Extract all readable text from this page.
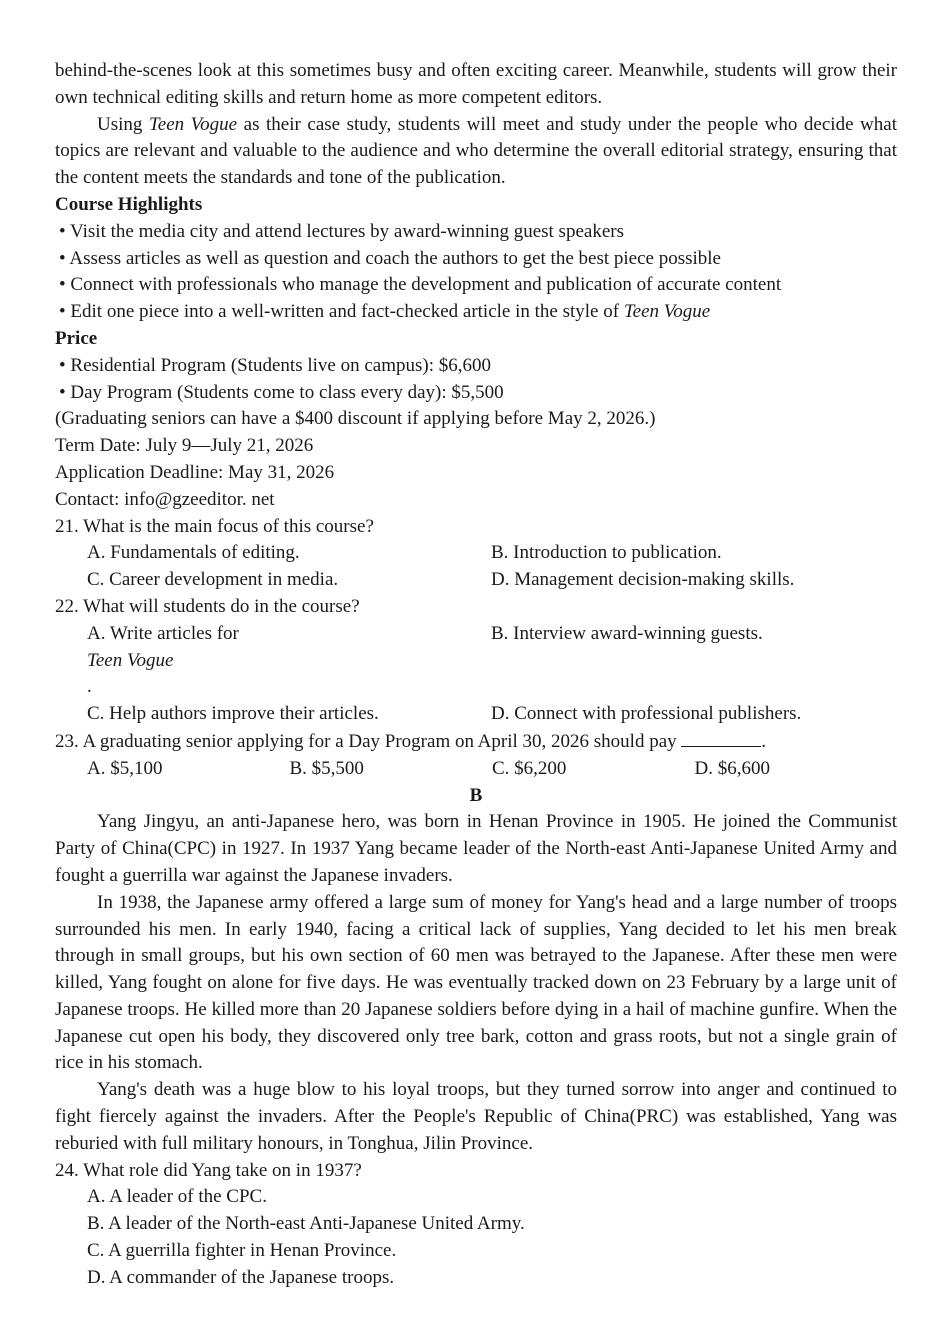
behind-the-scenes look at this sometimes busy and often exciting career. Meanwhile, students will grow their own technical editing skills and return home as more competent editors.

Using Teen Vogue as their case study, students will meet and study under the people who decide what topics are relevant and valuable to the audience and who determine the overall editorial strategy, ensuring that the content meets the standards and tone of the publication.

Course Highlights

• Visit the media city and attend lectures by award-winning guest speakers

• Assess articles as well as question and coach the authors to get the best piece possible

• Connect with professionals who manage the development and publication of accurate content

• Edit one piece into a well-written and fact-checked article in the style of Teen Vogue

Price

• Residential Program (Students live on campus): $6,600

• Day Program (Students come to class every day): $5,500

(Graduating seniors can have a $400 discount if applying before May 2, 2026.)

Term Date: July 9—July 21, 2026

Application Deadline: May 31, 2026

Contact: info@gzeeditor. net

21. What is the main focus of this course?

A. Fundamentals of editing.	B. Introduction to publication.
C. Career development in media.	D. Management decision-making skills.

22. What will students do in the course?

A. Write articles for
Teen Vogue
.
B. Interview award-winning guests.
C. Help authors improve their articles.	D. Connect with professional publishers.

23. A graduating senior applying for a Day Program on April 30, 2026 should pay	.

A. $5,100	B. $5,500	C. $6,200	D. $6,600

B

Yang Jingyu, an anti-Japanese hero, was born in Henan Province in 1905. He joined the Communist Party of China(CPC) in 1927. In 1937 Yang became leader of the North-east Anti-Japanese United Army and fought a guerrilla war against the Japanese invaders.

In 1938, the Japanese army offered a large sum of money for Yang's head and a large number of troops surrounded his men. In early 1940, facing a critical lack of supplies, Yang decided to let his men break through in small groups, but his own section of 60 men was betrayed to the Japanese. After these men were killed, Yang fought on alone for five days. He was eventually tracked down on 23 February by a large unit of Japanese troops. He killed more than 20 Japanese soldiers before dying in a hail of machine gunfire. When the Japanese cut open his body, they discovered only tree bark, cotton and grass roots, but not a single grain of rice in his stomach.

Yang's death was a huge blow to his loyal troops, but they turned sorrow into anger and continued to fight fiercely against the invaders. After the People's Republic of China(PRC) was established, Yang was reburied with full military honours, in Tonghua, Jilin Province.

24. What role did Yang take on in 1937?

A. A leader of the CPC.

B. A leader of the North-east Anti-Japanese United Army.

C. A guerrilla fighter in Henan Province.

D. A commander of the Japanese troops.
